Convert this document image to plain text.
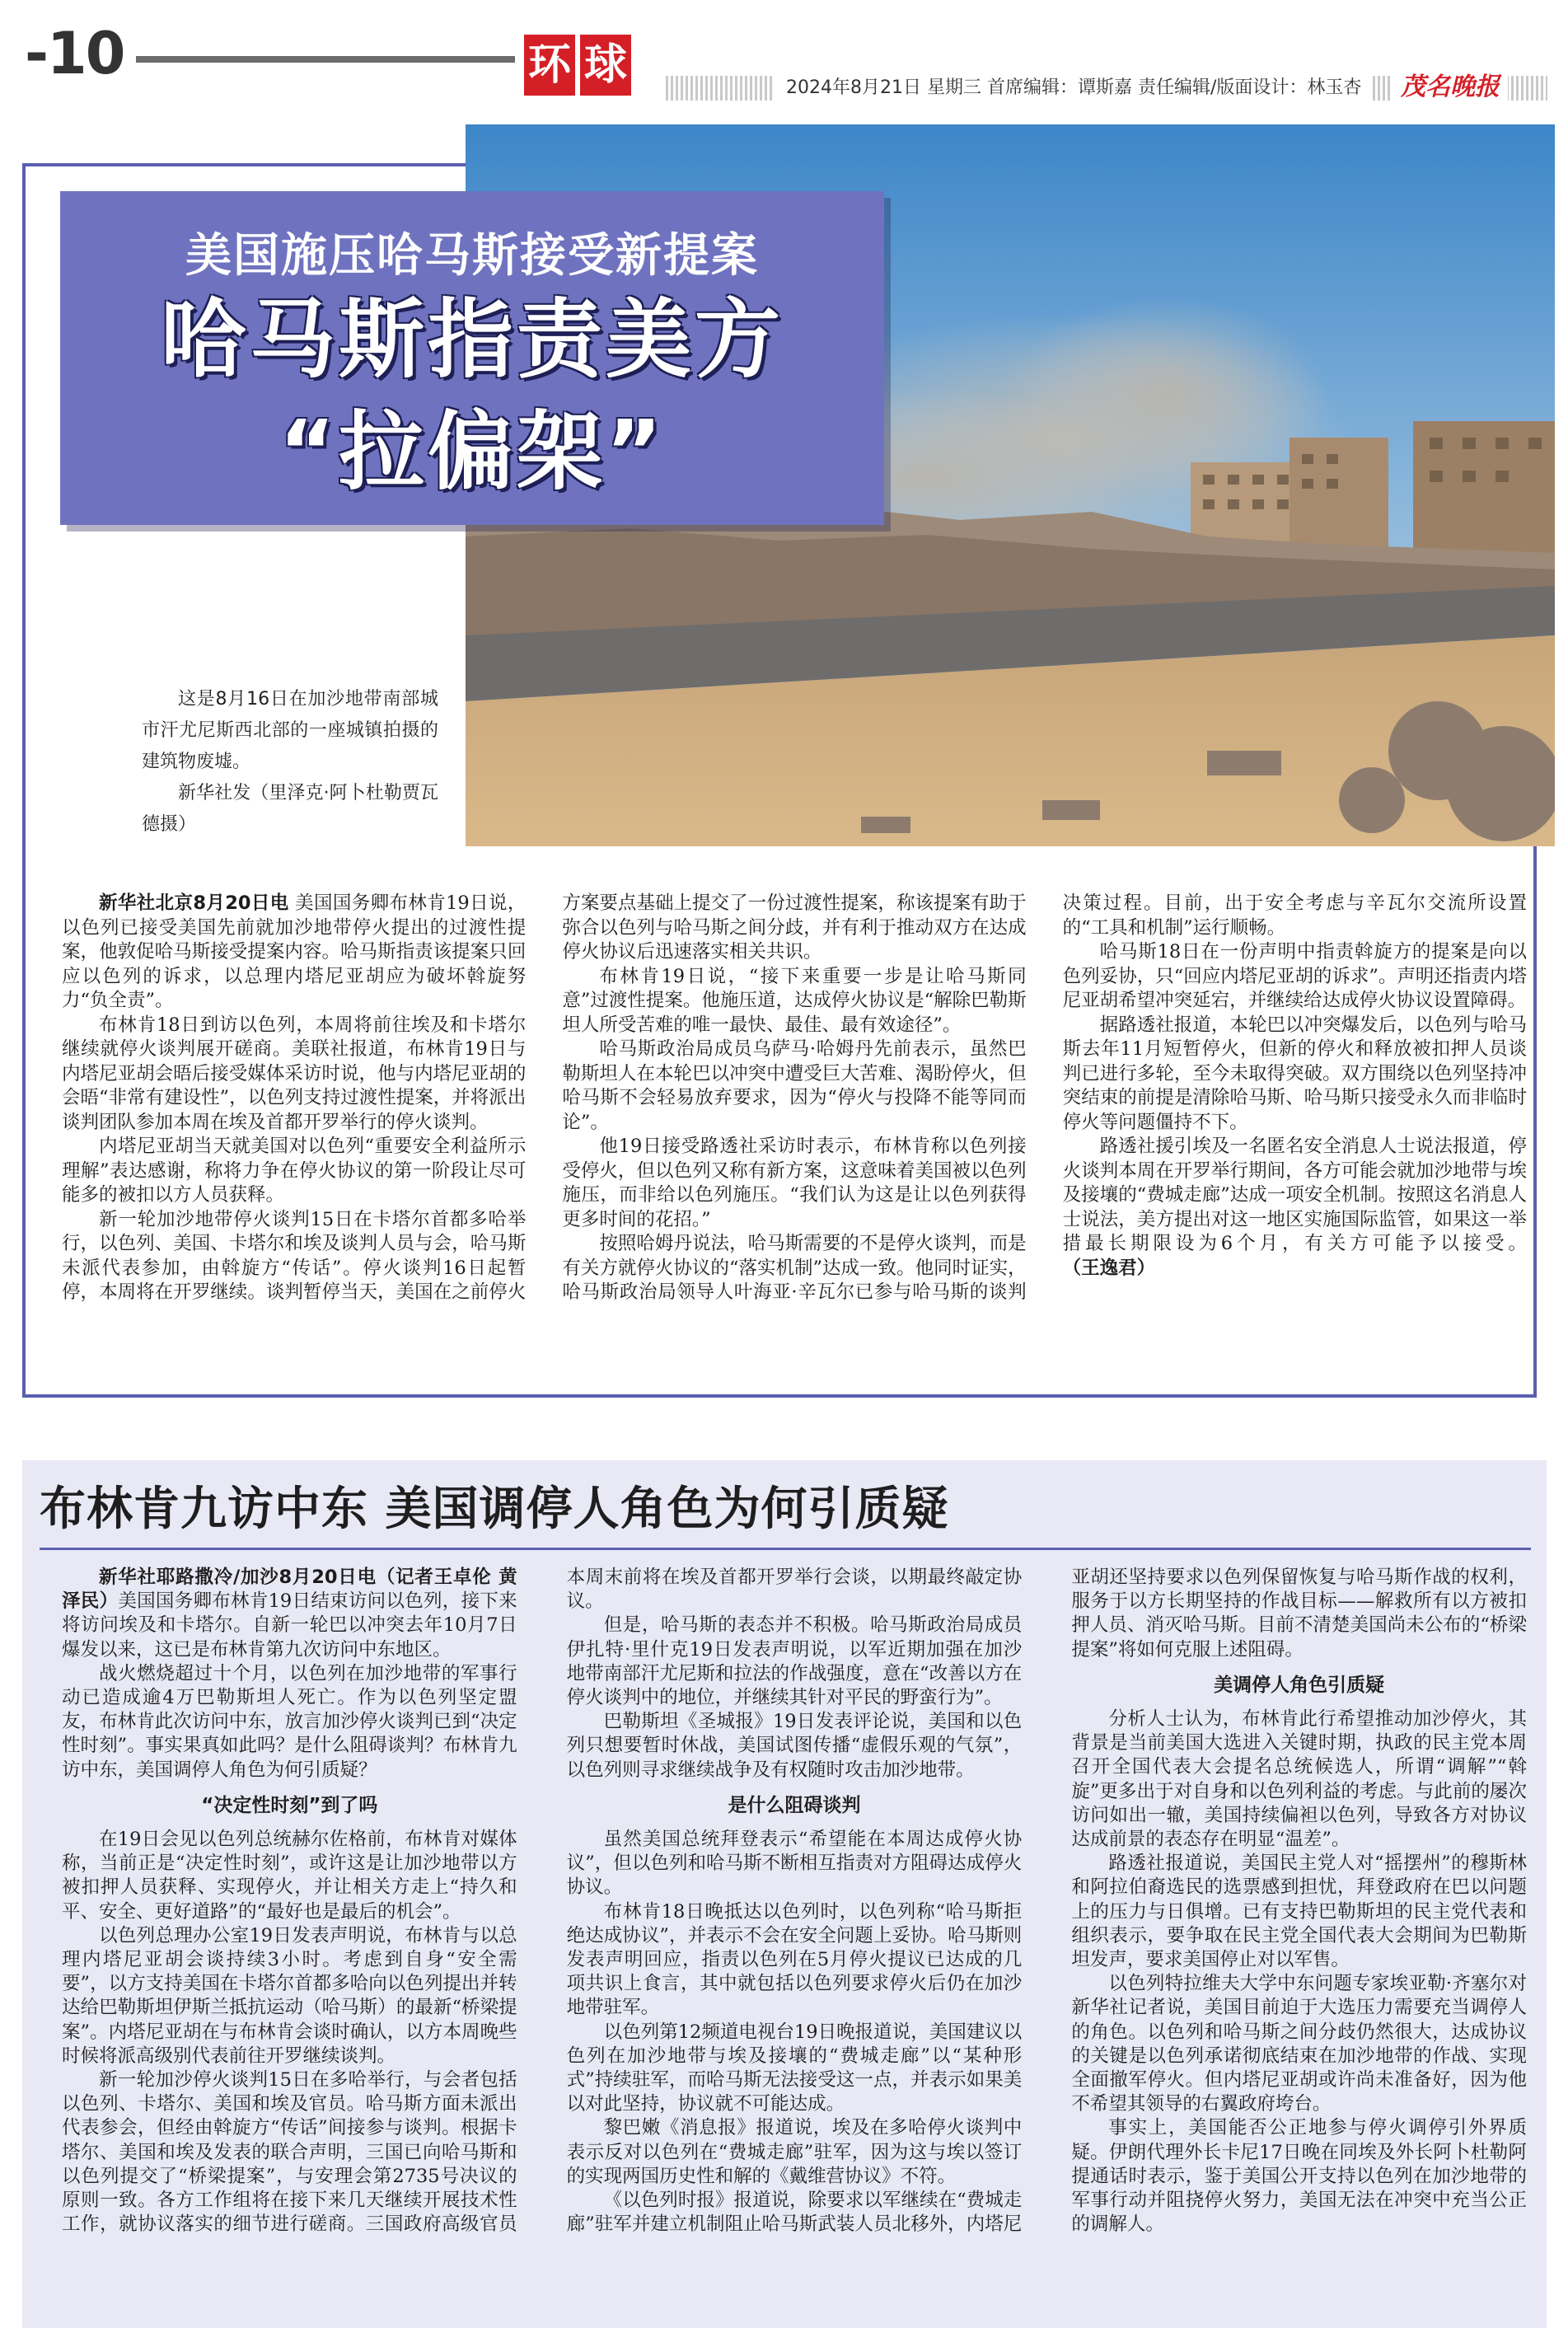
-10	环 球	2024年8月21日 星期三 首席编辑：谭斯嘉 责任编辑/版面设计：林玉杏	茂名晚报
美国施压哈马斯接受新提案
哈马斯指责美方
“拉偏架”

这是8月16日在加沙地带南部城市汗尤尼斯西北部的一座城镇拍摄的建筑物废墟。

新华社发（里泽克·阿卜杜勒贾瓦德摄）

新华社北京8月20日电 美国国务卿布林肯19日说，以色列已接受美国先前就加沙地带停火提出的过渡性提案，他敦促哈马斯接受提案内容。哈马斯指责该提案只回应以色列的诉求，以总理内塔尼亚胡应为破坏斡旋努力“负全责”。

布林肯18日到访以色列，本周将前往埃及和卡塔尔继续就停火谈判展开磋商。美联社报道，布林肯19日与内塔尼亚胡会晤后接受媒体采访时说，他与内塔尼亚胡的会晤“非常有建设性”，以色列支持过渡性提案，并将派出谈判团队参加本周在埃及首都开罗举行的停火谈判。

内塔尼亚胡当天就美国对以色列“重要安全利益所示理解”表达感谢，称将力争在停火协议的第一阶段让尽可能多的被扣以方人员获释。

新一轮加沙地带停火谈判15日在卡塔尔首都多哈举行，以色列、美国、卡塔尔和埃及谈判人员与会，哈马斯未派代表参加，由斡旋方“传话”。停火谈判16日起暂停，本周将在开罗继续。谈判暂停当天，美国在之前停火方案要点基础上提交了一份过渡性提案，称该提案有助于弥合以色列与哈马斯之间分歧，并有利于推动双方在达成停火协议后迅速落实相关共识。

布林肯19日说，“接下来重要一步是让哈马斯同意”过渡性提案。他施压道，达成停火协议是“解除巴勒斯坦人所受苦难的唯一最快、最佳、最有效途径”。

哈马斯政治局成员乌萨马·哈姆丹先前表示，虽然巴勒斯坦人在本轮巴以冲突中遭受巨大苦难、渴盼停火，但哈马斯不会轻易放弃要求，因为“停火与投降不能等同而论”。

他19日接受路透社采访时表示，布林肯称以色列接受停火，但以色列又称有新方案，这意味着美国被以色列施压，而非给以色列施压。“我们认为这是让以色列获得更多时间的花招。”

按照哈姆丹说法，哈马斯需要的不是停火谈判，而是有关方就停火协议的“落实机制”达成一致。他同时证实，哈马斯政治局领导人叶海亚·辛瓦尔已参与哈马斯的谈判决策过程。目前，出于安全考虑与辛瓦尔交流所设置的“工具和机制”运行顺畅。

哈马斯18日在一份声明中指责斡旋方的提案是向以色列妥协，只“回应内塔尼亚胡的诉求”。声明还指责内塔尼亚胡希望冲突延宕，并继续给达成停火协议设置障碍。

据路透社报道，本轮巴以冲突爆发后，以色列与哈马斯去年11月短暂停火，但新的停火和释放被扣押人员谈判已进行多轮，至今未取得突破。双方围绕以色列坚持冲突结束的前提是清除哈马斯、哈马斯只接受永久而非临时停火等问题僵持不下。

路透社援引埃及一名匿名安全消息人士说法报道，停火谈判本周在开罗举行期间，各方可能会就加沙地带与埃及接壤的“费城走廊”达成一项安全机制。按照这名消息人士说法，美方提出对这一地区实施国际监管，如果这一举措最长期限设为6个月，有关方可能予以接受。（王逸君）

布林肯九访中东 美国调停人角色为何引质疑

新华社耶路撒冷/加沙8月20日电（记者王卓伦 黄泽民）美国国务卿布林肯19日结束访问以色列，接下来将访问埃及和卡塔尔。自新一轮巴以冲突去年10月7日爆发以来，这已是布林肯第九次访问中东地区。

战火燃烧超过十个月，以色列在加沙地带的军事行动已造成逾4万巴勒斯坦人死亡。作为以色列坚定盟友，布林肯此次访问中东，放言加沙停火谈判已到“决定性时刻”。事实果真如此吗？是什么阻碍谈判？布林肯九访中东，美国调停人角色为何引质疑？

“决定性时刻”到了吗

在19日会见以色列总统赫尔佐格前，布林肯对媒体称，当前正是“决定性时刻”，或许这是让加沙地带以方被扣押人员获释、实现停火，并让相关方走上“持久和平、安全、更好道路”的“最好也是最后的机会”。

以色列总理办公室19日发表声明说，布林肯与以总理内塔尼亚胡会谈持续3小时。考虑到自身“安全需要”，以方支持美国在卡塔尔首都多哈向以色列提出并转达给巴勒斯坦伊斯兰抵抗运动（哈马斯）的最新“桥梁提案”。内塔尼亚胡在与布林肯会谈时确认，以方本周晚些时候将派高级别代表前往开罗继续谈判。

新一轮加沙停火谈判15日在多哈举行，与会者包括以色列、卡塔尔、美国和埃及官员。哈马斯方面未派出代表参会，但经由斡旋方“传话”间接参与谈判。根据卡塔尔、美国和埃及发表的联合声明，三国已向哈马斯和以色列提交了“桥梁提案”，与安理会第2735号决议的原则一致。各方工作组将在接下来几天继续开展技术性工作，就协议落实的细节进行磋商。三国政府高级官员本周末前将在埃及首都开罗举行会谈，以期最终敲定协议。

但是，哈马斯的表态并不积极。哈马斯政治局成员伊扎特·里什克19日发表声明说，以军近期加强在加沙地带南部汗尤尼斯和拉法的作战强度，意在“改善以方在停火谈判中的地位，并继续其针对平民的野蛮行为”。

巴勒斯坦《圣城报》19日发表评论说，美国和以色列只想要暂时休战，美国试图传播“虚假乐观的气氛”，以色列则寻求继续战争及有权随时攻击加沙地带。

是什么阻碍谈判

虽然美国总统拜登表示“希望能在本周达成停火协议”，但以色列和哈马斯不断相互指责对方阻碍达成停火协议。

布林肯18日晚抵达以色列时，以色列称“哈马斯拒绝达成协议”，并表示不会在安全问题上妥协。哈马斯则发表声明回应，指责以色列在5月停火提议已达成的几项共识上食言，其中就包括以色列要求停火后仍在加沙地带驻军。

以色列第12频道电视台19日晚报道说，美国建议以色列在加沙地带与埃及接壤的“费城走廊”以“某种形式”持续驻军，而哈马斯无法接受这一点，并表示如果美以对此坚持，协议就不可能达成。

黎巴嫩《消息报》报道说，埃及在多哈停火谈判中表示反对以色列在“费城走廊”驻军，因为这与埃以签订的实现两国历史性和解的《戴维营协议》不符。

《以色列时报》报道说，除要求以军继续在“费城走廊”驻军并建立机制阻止哈马斯武装人员北移外，内塔尼亚胡还坚持要求以色列保留恢复与哈马斯作战的权利，服务于以方长期坚持的作战目标——解救所有以方被扣押人员、消灭哈马斯。目前不清楚美国尚未公布的“桥梁提案”将如何克服上述阻碍。

美调停人角色引质疑

分析人士认为，布林肯此行希望推动加沙停火，其背景是当前美国大选进入关键时期，执政的民主党本周召开全国代表大会提名总统候选人，所谓“调解”“斡旋”更多出于对自身和以色列利益的考虑。与此前的屡次访问如出一辙，美国持续偏袒以色列，导致各方对协议达成前景的表态存在明显“温差”。

路透社报道说，美国民主党人对“摇摆州”的穆斯林和阿拉伯裔选民的选票感到担忧，拜登政府在巴以问题上的压力与日俱增。已有支持巴勒斯坦的民主党代表和组织表示，要争取在民主党全国代表大会期间为巴勒斯坦发声，要求美国停止对以军售。

以色列特拉维夫大学中东问题专家埃亚勒·齐塞尔对新华社记者说，美国目前迫于大选压力需要充当调停人的角色。以色列和哈马斯之间分歧仍然很大，达成协议的关键是以色列承诺彻底结束在加沙地带的作战、实现全面撤军停火。但内塔尼亚胡或许尚未准备好，因为他不希望其领导的右翼政府垮台。

事实上，美国能否公正地参与停火调停引外界质疑。伊朗代理外长卡尼17日晚在同埃及外长阿卜杜勒阿提通话时表示，鉴于美国公开支持以色列在加沙地带的军事行动并阻挠停火努力，美国无法在冲突中充当公正的调解人。
